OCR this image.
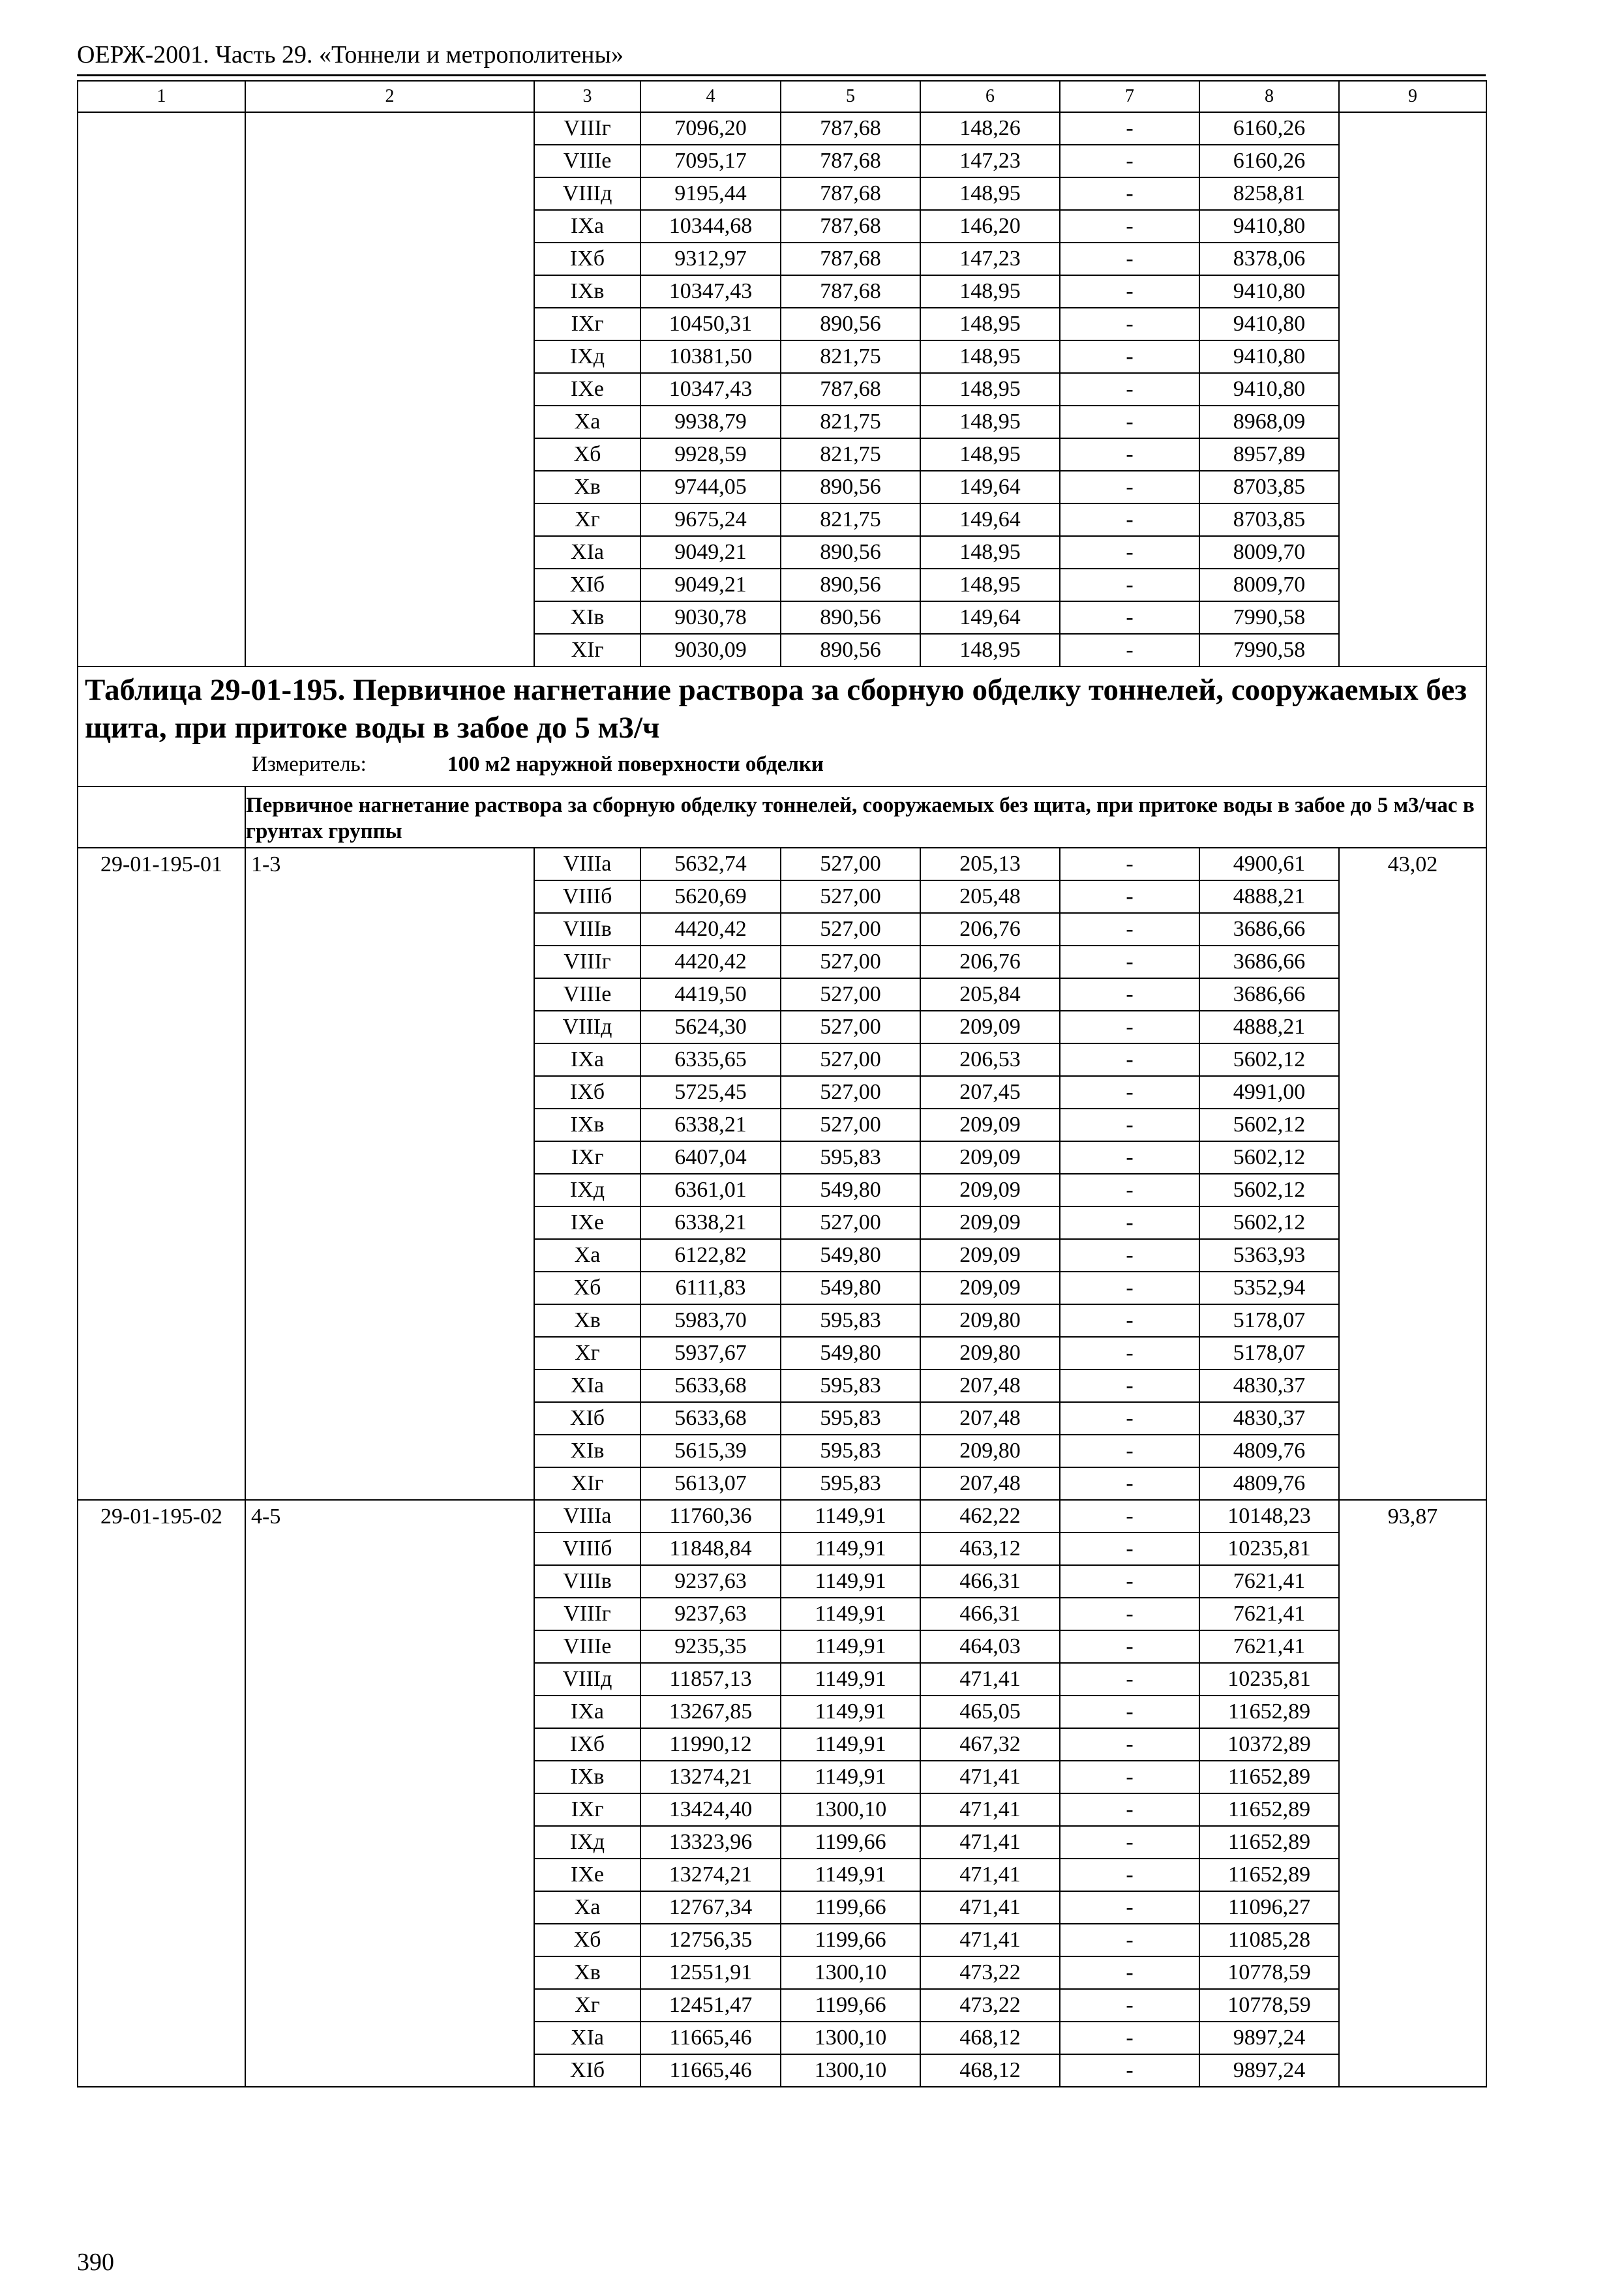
ОЕРЖ-2001. Часть 29. «Тоннели и метрополитены»
1	2	3	4	5	6	7	8	9
		VIIIг	7096,20	787,68	148,26	-	6160,26	
		VIIIе	7095,17	787,68	147,23	-	6160,26	
		VIIIд	9195,44	787,68	148,95	-	8258,81	
		IXа	10344,68	787,68	146,20	-	9410,80	
		IXб	9312,97	787,68	147,23	-	8378,06	
		IXв	10347,43	787,68	148,95	-	9410,80	
		IXг	10450,31	890,56	148,95	-	9410,80	
		IXд	10381,50	821,75	148,95	-	9410,80	
		IXе	10347,43	787,68	148,95	-	9410,80	
		Xа	9938,79	821,75	148,95	-	8968,09	
		Xб	9928,59	821,75	148,95	-	8957,89	
		Xв	9744,05	890,56	149,64	-	8703,85	
		Xг	9675,24	821,75	149,64	-	8703,85	
		XIа	9049,21	890,56	148,95	-	8009,70	
		XIб	9049,21	890,56	148,95	-	8009,70	
		XIв	9030,78	890,56	149,64	-	7990,58	
		XIг	9030,09	890,56	148,95	-	7990,58	

Таблица 29-01-195. Первичное нагнетание раствора за сборную обделку тоннелей, сооружаемых без щита, при притоке воды в забое до 5 м3/ч
Измеритель: 100 м2 наружной поверхности обделки								

	Первичное нагнетание раствора за сборную обделку тоннелей, сооружаемых без щита, при притоке воды в забое до 5 м3/час в грунтах группы							
29-01-195-01	1-3	VIIIа	5632,74	527,00	205,13	-	4900,61	43,02
		VIIIб	5620,69	527,00	205,48	-	4888,21	
		VIIIв	4420,42	527,00	206,76	-	3686,66	
		VIIIг	4420,42	527,00	206,76	-	3686,66	
		VIIIе	4419,50	527,00	205,84	-	3686,66	
		VIIIд	5624,30	527,00	209,09	-	4888,21	
		IXа	6335,65	527,00	206,53	-	5602,12	
		IXб	5725,45	527,00	207,45	-	4991,00	
		IXв	6338,21	527,00	209,09	-	5602,12	
		IXг	6407,04	595,83	209,09	-	5602,12	
		IXд	6361,01	549,80	209,09	-	5602,12	
		IXе	6338,21	527,00	209,09	-	5602,12	
		Xа	6122,82	549,80	209,09	-	5363,93	
		Xб	6111,83	549,80	209,09	-	5352,94	
		Xв	5983,70	595,83	209,80	-	5178,07	
		Xг	5937,67	549,80	209,80	-	5178,07	
		XIа	5633,68	595,83	207,48	-	4830,37	
		XIб	5633,68	595,83	207,48	-	4830,37	
		XIв	5615,39	595,83	209,80	-	4809,76	
		XIг	5613,07	595,83	207,48	-	4809,76	
29-01-195-02	4-5	VIIIа	11760,36	1149,91	462,22	-	10148,23	93,87
		VIIIб	11848,84	1149,91	463,12	-	10235,81	
		VIIIв	9237,63	1149,91	466,31	-	7621,41	
		VIIIг	9237,63	1149,91	466,31	-	7621,41	
		VIIIе	9235,35	1149,91	464,03	-	7621,41	
		VIIIд	11857,13	1149,91	471,41	-	10235,81	
		IXа	13267,85	1149,91	465,05	-	11652,89	
		IXб	11990,12	1149,91	467,32	-	10372,89	
		IXв	13274,21	1149,91	471,41	-	11652,89	
		IXг	13424,40	1300,10	471,41	-	11652,89	
		IXд	13323,96	1199,66	471,41	-	11652,89	
		IXе	13274,21	1149,91	471,41	-	11652,89	
		Xа	12767,34	1199,66	471,41	-	11096,27	
		Xб	12756,35	1199,66	471,41	-	11085,28	
		Xв	12551,91	1300,10	473,22	-	10778,59	
		Xг	12451,47	1199,66	473,22	-	10778,59	
		XIа	11665,46	1300,10	468,12	-	9897,24	
		XIб	11665,46	1300,10	468,12	-	9897,24	
390
